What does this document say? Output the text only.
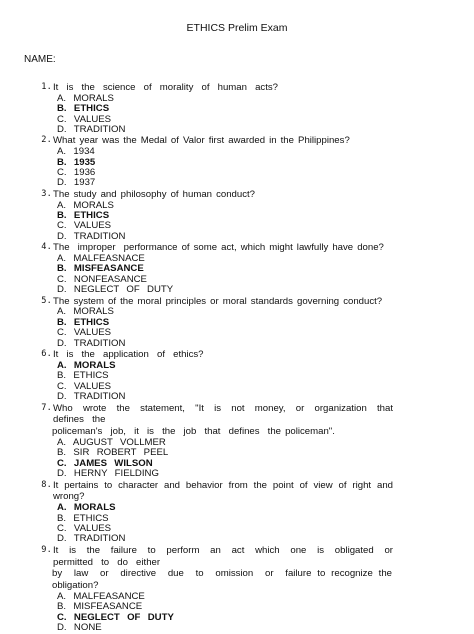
ETHICS Prelim Exam
NAME:
1. It  is  the  science  of  morality  of  human  acts?
A.  MORALS
B.  ETHICS
C.  VALUES
D.  TRADITION
2. What year was the Medal of Valor first awarded in the Philippines?
A.  1934
B.  1935
C.  1936
D.  1937
3. The study and philosophy of human conduct?
A.  MORALS
B.  ETHICS
C.  VALUES
D.  TRADITION
4. The  improper  performance of some act, which might lawfully have done?
A.  MALFEASNACE
B.  MISFEASANCE
C.  NONFEASANCE
D.  NEGLECT  OF  DUTY
5. The system of the moral principles or moral standards governing conduct?
A.  MORALS
B.  ETHICS
C.  VALUES
D.  TRADITION
6. It  is  the  application  of  ethics?
A.  MORALS
B.  ETHICS
C.  VALUES
D.  TRADITION
7. Who  wrote  the  statement,  "It  is  not  money,  or  organization  that  defines  the
policeman's  job,  it  is  the  job  that  defines  the policeman".
A.  AUGUST  VOLLMER
B.  SIR  ROBERT  PEEL
C.  JAMES  WILSON
D.  HERNY  FIELDING
8. It pertains to character and behavior from the point of view of right and wrong?
A.  MORALS
B.  ETHICS
C.  VALUES
D.  TRADITION
9. It  is  the  failure  to  perform  an  act  which  one  is  obligated  or  permitted  to  do  either
by  law  or  directive  due  to  omission  or  failure to recognize the obligation?
A.  MALFEASANCE
B.  MISFEASANCE
C.  NEGLECT  OF  DUTY
D.  NONE
